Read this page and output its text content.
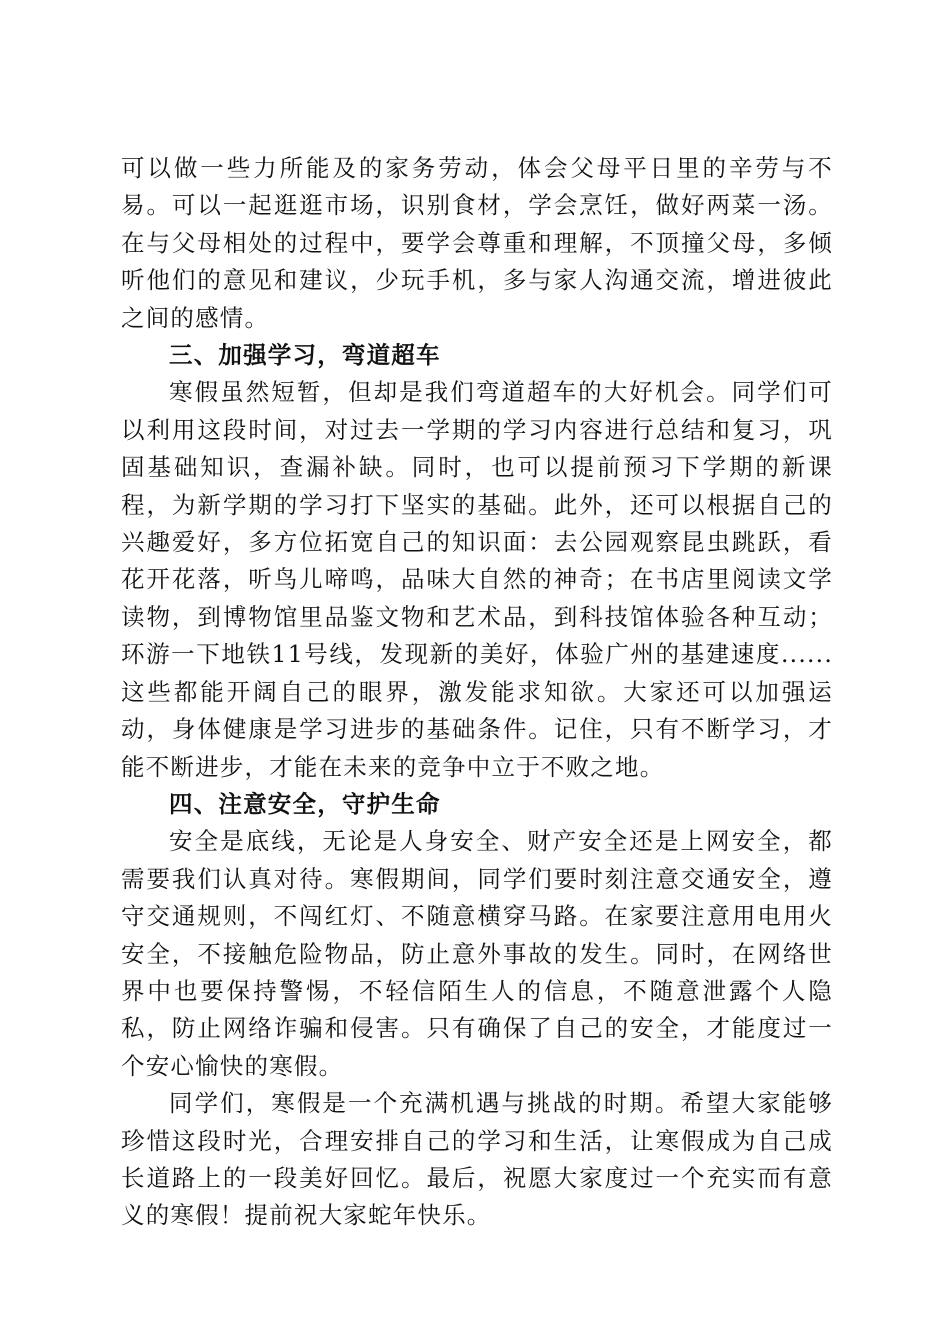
可以做一些力所能及的家务劳动，体会父母平日里的辛劳与不易。可以一起逛逛市场，识别食材，学会烹饪，做好两菜一汤。在与父母相处的过程中，要学会尊重和理解，不顶撞父母，多倾听他们的意见和建议，少玩手机，多与家人沟通交流，增进彼此之间的感情。

三、加强学习，弯道超车

寒假虽然短暂，但却是我们弯道超车的大好机会。同学们可以利用这段时间，对过去一学期的学习内容进行总结和复习，巩固基础知识，查漏补缺。同时，也可以提前预习下学期的新课程，为新学期的学习打下坚实的基础。此外，还可以根据自己的兴趣爱好，多方位拓宽自己的知识面：去公园观察昆虫跳跃，看花开花落，听鸟儿啼鸣，品味大自然的神奇；在书店里阅读文学读物，到博物馆里品鉴文物和艺术品，到科技馆体验各种互动；环游一下地铁11号线，发现新的美好，体验广州的基建速度......这些都能开阔自己的眼界，激发能求知欲。大家还可以加强运动，身体健康是学习进步的基础条件。记住，只有不断学习，才能不断进步，才能在未来的竞争中立于不败之地。

四、注意安全，守护生命

安全是底线，无论是人身安全、财产安全还是上网安全，都需要我们认真对待。寒假期间，同学们要时刻注意交通安全，遵守交通规则，不闯红灯、不随意横穿马路。在家要注意用电用火安全，不接触危险物品，防止意外事故的发生。同时，在网络世界中也要保持警惕，不轻信陌生人的信息，不随意泄露个人隐私，防止网络诈骗和侵害。只有确保了自己的安全，才能度过一个安心愉快的寒假。

同学们，寒假是一个充满机遇与挑战的时期。希望大家能够珍惜这段时光，合理安排自己的学习和生活，让寒假成为自己成长道路上的一段美好回忆。最后，祝愿大家度过一个充实而有意义的寒假！提前祝大家蛇年快乐。
